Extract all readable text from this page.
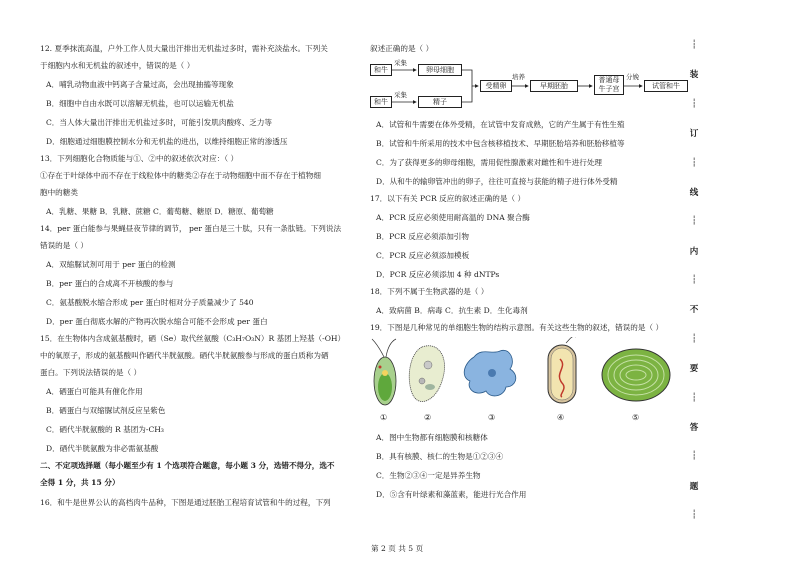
12. 夏季抹流高温，户外工作人员大量出汗排出无机盐过多时，需补充淡盐水。下列关
于细胞内水和无机盐的叙述中，错误的是（ ）
A．哺乳动物血液中钙离子含量过高，会出现抽搐等现象
B．细胞中自由水既可以溶解无机盐，也可以运输无机盐
C．当人体大量出汗排出无机盐过多时，可能引发肌肉酸疼、乏力等
D．细胞通过细胞膜控制水分和无机盐的进出，以维持细胞正常的渗透压
13．下列细胞化合物质能与①、②中的叙述依次对应：（ ）
①存在于叶绿体中而不存在于线粒体中的糖类②存在于动物细胞中而不存在于植物细
胞中的糖类
A．乳糖、果糖 B．乳糖、蔗糖 C．葡萄糖、糖原 D．糖原、葡萄糖
14．per 蛋白能参与果蝇昼夜节律的调节， per 蛋白是三十肽，只有一条肽链。下列说法
错误的是（ ）
A．双缩脲试剂可用于 per 蛋白的检测
B．per 蛋白的合成离不开核酸的参与
C．氨基酸脱水缩合形成 per 蛋白时相对分子质量减少了 540
D．per 蛋白彻底水解的产物再次脱水缩合可能不会形成 per 蛋白
15．在生物体内含成氨基酸时，硒（Se）取代丝氨酸（C₃H₇O₃N）R 基团上羟基（-OH）
中的氧原子，形成的氨基酸叫作硒代半胱氨酸。硒代半胱氨酸参与形成的蛋白质称为硒
蛋白。下列说法错误的是（ ）
A．硒蛋白可能具有催化作用
B．硒蛋白与双缩脲试剂反应呈紫色
C．硒代半胱氨酸的 R 基团为-CH₃
D．硒代半胱氨酸为非必需氨基酸
二、不定项选择题（每小题至少有 1 个选项符合题意，每小题 3 分，选错不得分，选不
全得 1 分，共 15 分）
16．和牛是世界公认的高档肉牛品种，下图是通过胚胎工程培育试管和牛的过程，下列
叙述正确的是（ ）
和牛
和牛
采集
采集
卵母细胞
精子
受精卵
培养
早期胚胎
普通母
牛子宫
分娩
试管和牛
A．试管和牛需要在体外受精，在试管中发育成熟，它的产生属于有性生殖
B．试管和牛所采用的技术中包含核移植技术、早期胚胎培养和胚胎移植等
C．为了获得更多的卵母细胞，需用促性腺激素对雌性和牛进行处理
D．从和牛的输卵管冲出的卵子，往往可直接与获能的精子进行体外受精
17．以下有关 PCR 反应的叙述正确的是（ ）
A．PCR 反应必须使用耐高温的 DNA 聚合酶
B．PCR 反应必须添加引物
C．PCR 反应必须添加模板
D．PCR 反应必须添加 4 种 dNTPs
18．下列不属于生物武器的是（ ）
A．致病菌 B．病毒 C．抗生素 D．生化毒剂
19．下图是几种常见的单细胞生物的结构示意图。有关这些生物的叙述，错误的是（ ）
①	②	③	④	⑤
A．图中生物都有细胞膜和核糖体
B．具有核膜、核仁的生物是①②③④
C．生物②③④一定是异养生物
D．⑤含有叶绿素和藻蓝素，能进行光合作用
┆
装
┆
订
┆
线
┆
内
┆
不
┆
要
┆
答
┆
题
┆
第 2 页 共 5 页
